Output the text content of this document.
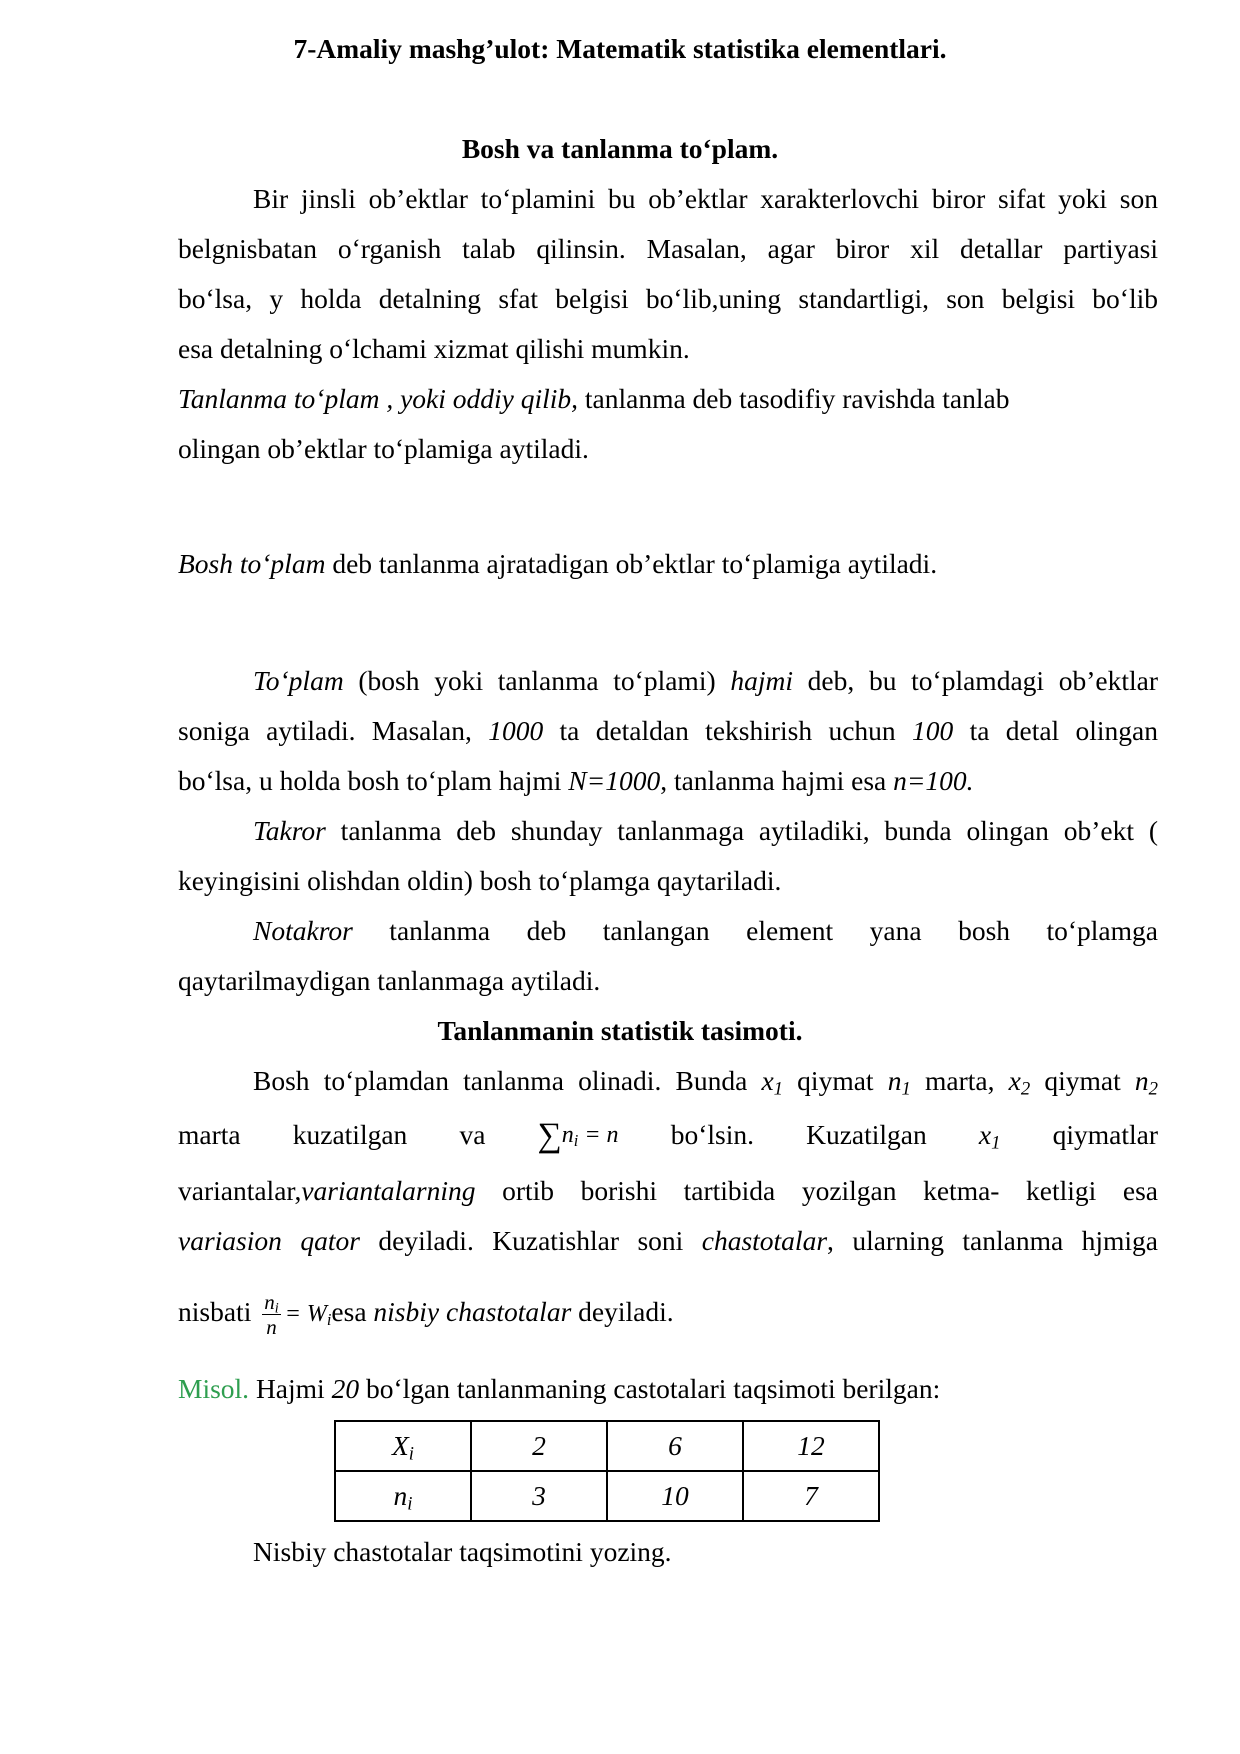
7-Amaliy mashg’ulot: Matematik statistika elementlari.
Bosh va tanlanma to‘plam.
Bir jinsli ob’ektlar to‘plamini bu ob’ektlar xarakterlovchi biror sifat yoki son
belgnisbatan o‘rganish talab qilinsin. Masalan, agar biror xil detallar partiyasi
bo‘lsa, y holda detalning sfat belgisi bo‘lib,uning standartligi, son belgisi bo‘lib
esa detalning o‘lchami xizmat qilishi mumkin.
Tanlanma to‘plam , yoki oddiy qilib, tanlanma deb tasodifiy ravishda tanlab
olingan ob’ektlar to‘plamiga aytiladi.
Bosh to‘plam deb tanlanma ajratadigan ob’ektlar to‘plamiga aytiladi.
To‘plam (bosh yoki tanlanma to‘plami) hajmi deb, bu to‘plamdagi ob’ektlar
soniga aytiladi. Masalan, 1000 ta detaldan tekshirish uchun 100 ta detal olingan
bo‘lsa, u holda bosh to‘plam hajmi N=1000, tanlanma hajmi esa n=100.
Takror tanlanma deb shunday tanlanmaga aytiladiki, bunda olingan ob’ekt (
keyingisini olishdan oldin) bosh to‘plamga qaytariladi.
Notakror tanlanma deb tanlangan element yana bosh to‘plamga
qaytarilmaydigan tanlanmaga aytiladi.
Tanlanmanin statistik tasimoti.
Bosh to‘plamdan tanlanma olinadi. Bunda $x_1$ qiymat $n_1$ marta, $x_2$ qiymat $n_2$
marta kuzatilgan va $\sum n_i = n$ bo‘lsin. Kuzatilgan $x_1$ qiymatlar
variantalar,variantalarning ortib borishi tartibida yozilgan ketma- ketligi esa
variasion qator deyiladi. Kuzatishlar soni chastotalar, ularning tanlanma hjmiga
nisbati $\frac{n_i}{n} = W_iesa$ nisbiy chastotalar deyiladi.
Misol. Hajmi 20 bo‘lgan tanlanmaning castotalari taqsimoti berilgan:
$X_i$	2	6	12
$n_i$	3	10	7
Nisbiy chastotalar taqsimotini yozing.
